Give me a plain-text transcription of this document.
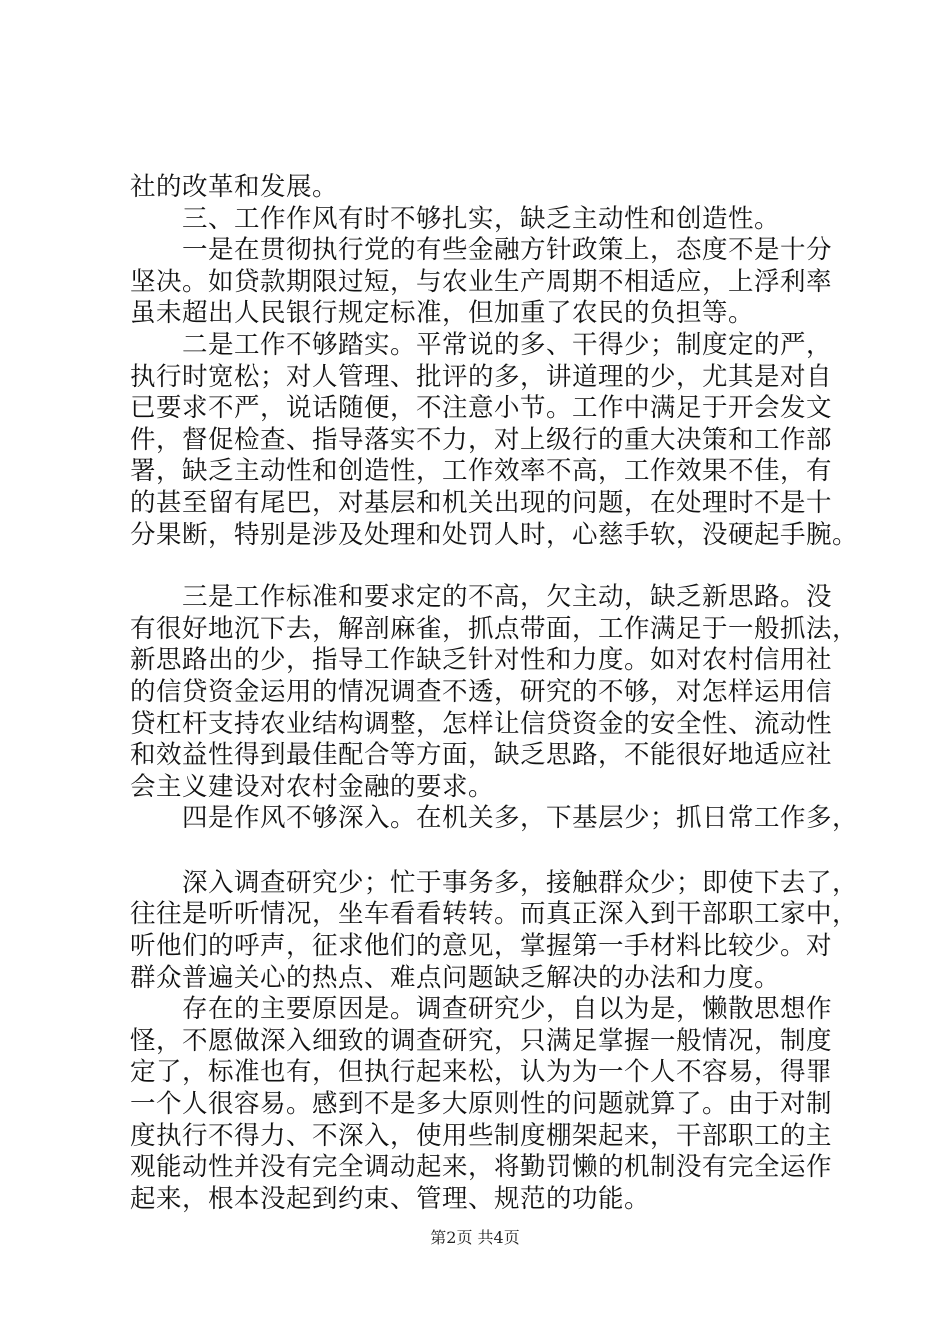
社的改革和发展。
三、工作作风有时不够扎实，缺乏主动性和创造性。
一是在贯彻执行党的有些金融方针政策上，态度不是十分
坚决。如贷款期限过短，与农业生产周期不相适应，上浮利率
虽未超出人民银行规定标准，但加重了农民的负担等。
二是工作不够踏实。平常说的多、干得少；制度定的严，
执行时宽松；对人管理、批评的多，讲道理的少，尤其是对自
已要求不严，说话随便，不注意小节。工作中满足于开会发文
件，督促检查、指导落实不力，对上级行的重大决策和工作部
署，缺乏主动性和创造性，工作效率不高，工作效果不佳，有
的甚至留有尾巴，对基层和机关出现的问题，在处理时不是十
分果断，特别是涉及处理和处罚人时，心慈手软，没硬起手腕。
三是工作标准和要求定的不高，欠主动，缺乏新思路。没
有很好地沉下去，解剖麻雀，抓点带面，工作满足于一般抓法，
新思路出的少，指导工作缺乏针对性和力度。如对农村信用社
的信贷资金运用的情况调查不透，研究的不够，对怎样运用信
贷杠杆支持农业结构调整，怎样让信贷资金的安全性、流动性
和效益性得到最佳配合等方面，缺乏思路，不能很好地适应社
会主义建设对农村金融的要求。
四是作风不够深入。在机关多，下基层少；抓日常工作多，
深入调查研究少；忙于事务多，接触群众少；即使下去了，
往往是听听情况，坐车看看转转。而真正深入到干部职工家中，
听他们的呼声，征求他们的意见，掌握第一手材料比较少。对
群众普遍关心的热点、难点问题缺乏解决的办法和力度。
存在的主要原因是。调查研究少，自以为是，懒散思想作
怪，不愿做深入细致的调查研究，只满足掌握一般情况，制度
定了，标准也有，但执行起来松，认为为一个人不容易，得罪
一个人很容易。感到不是多大原则性的问题就算了。由于对制
度执行不得力、不深入，使用些制度棚架起来，干部职工的主
观能动性并没有完全调动起来，将勤罚懒的机制没有完全运作
起来，根本没起到约束、管理、规范的功能。
第2页 共4页
